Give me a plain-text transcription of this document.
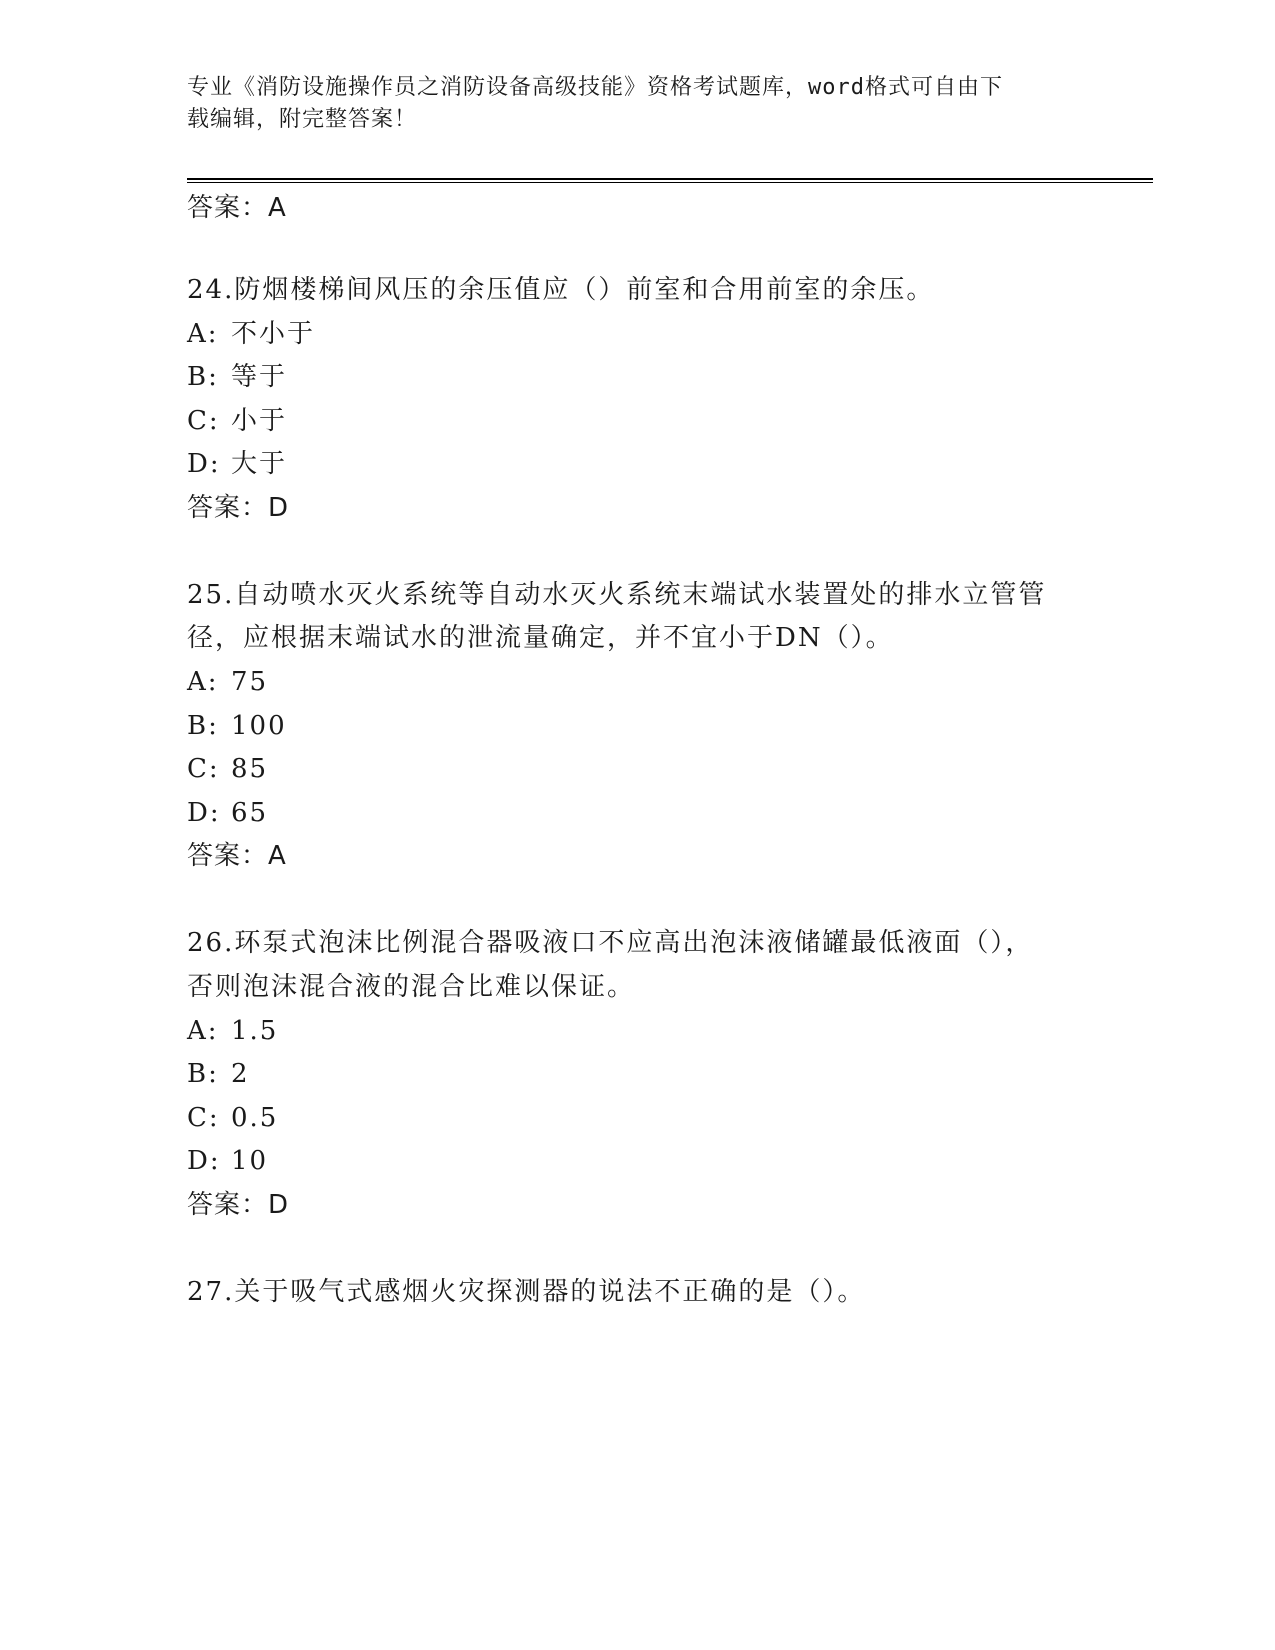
专业《消防设施操作员之消防设备高级技能》资格考试题库，word格式可自由下
载编辑，附完整答案！
答案：A
24.防烟楼梯间风压的余压值应（）前室和合用前室的余压。
A: 不小于
B: 等于
C: 小于
D: 大于
答案：D
25.自动喷水灭火系统等自动水灭火系统末端试水装置处的排水立管管
径，应根据末端试水的泄流量确定，并不宜小于DN（）。
A: 75
B: 100
C: 85
D: 65
答案：A
26.环泵式泡沫比例混合器吸液口不应高出泡沫液储罐最低液面（），
否则泡沫混合液的混合比难以保证。
A: 1.5
B: 2
C: 0.5
D: 10
答案：D
27.关于吸气式感烟火灾探测器的说法不正确的是（）。
